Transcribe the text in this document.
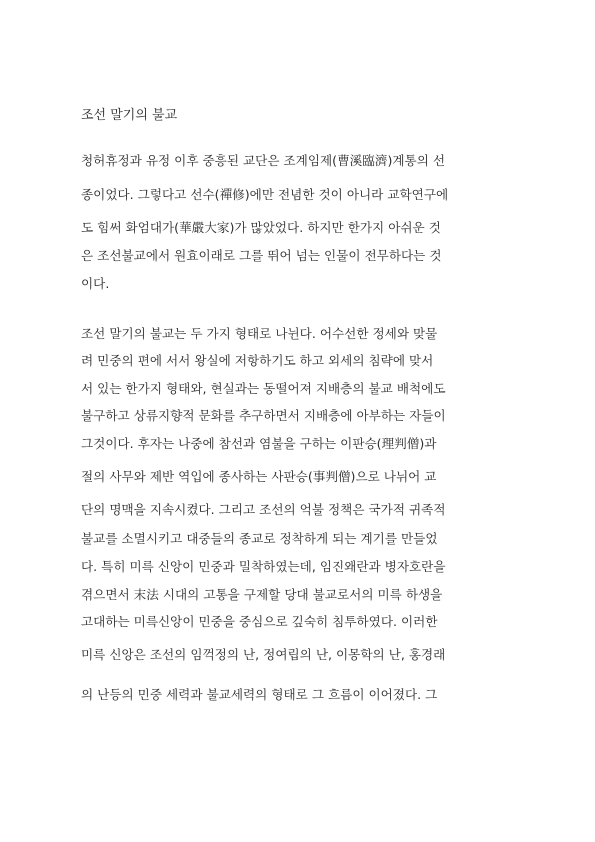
조선 말기의 불교
청허휴정과 유정 이후 중흥된 교단은 조계임제(曹溪臨濟)계통의 선
종이었다. 그렇다고 선수(禪修)에만 전념한 것이 아니라 교학연구에
도 힘써 화엄대가(華嚴大家)가 많았었다. 하지만 한가지 아쉬운 것
은 조선불교에서 원효이래로 그를 뛰어 넘는 인물이 전무하다는 것
이다.
조선 말기의 불교는 두 가지 형태로 나뉜다. 어수선한 정세와 맞물
려 민중의 편에 서서 왕실에 저항하기도 하고 외세의 침략에 맞서
서 있는 한가지 형태와, 현실과는 동떨어져 지배층의 불교 배척에도
불구하고 상류지향적 문화를 추구하면서 지배층에 아부하는 자들이
그것이다. 후자는 나중에 참선과 염불을 구하는 이판승(理判僧)과
절의 사무와 제반 역입에 종사하는 사판승(事判僧)으로 나뉘어 교
단의 명맥을 지속시켰다. 그리고 조선의 억불 정책은 국가적 귀족적
불교를 소멸시키고 대중들의 종교로 정착하게 되는 계기를 만들었
다. 특히 미륵 신앙이 민중과 밀착하였는데, 임진왜란과 병자호란을
겪으면서 末法 시대의 고통을 구제할 당대 불교로서의 미륵 하생을
고대하는 미륵신앙이 민중을 중심으로 깊숙히 침투하였다. 이러한
미륵 신앙은 조선의 임꺽정의 난, 정여립의 난, 이몽학의 난, 홍경래
의 난등의 민중 세력과 불교세력의 형태로 그 흐름이 이어졌다. 그
